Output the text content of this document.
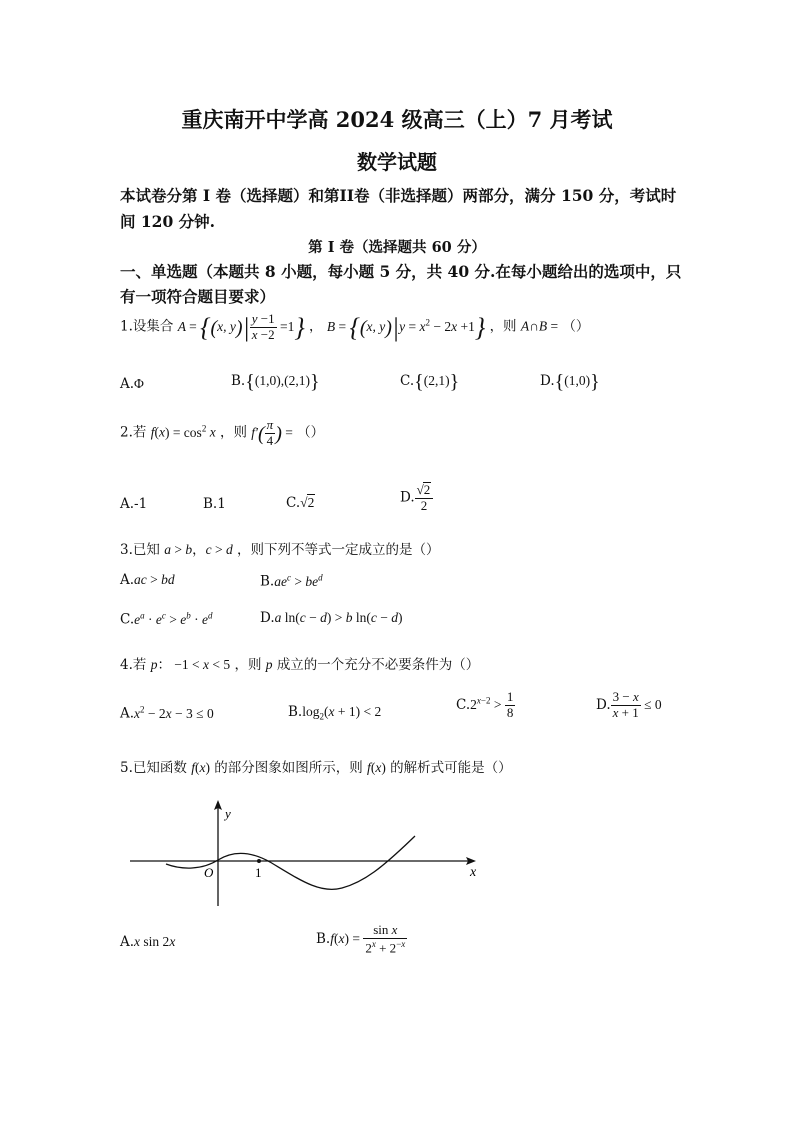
重庆南开中学高 2024 级高三（上）7 月考试
数学试题
本试卷分第 I 卷（选择题）和第II卷（非选择题）两部分，满分 150 分，考试时
间 120 分钟.
第 I 卷（选择题共 60 分）
一、单选题（本题共 8 小题，每小题 5 分，共 40 分.在每小题给出的选项中，只
有一项符合题目要求）
1.设集合 A = {(x, $y)| \frac{y -1}{x -2} =1$} ， B = {(x, $y)|y = x^2 - 2x +1$} ，则 A∩B = （）
A.Φ	B.{(1,0),(2,1)}	C.{(2,1)}	D.{(1,0)}
2.若 $f(x) = \cos^2 x$ ，则 $f'( \frac{\pi}{4}$ ) = （）
A.-1	B.1	C.√2	D. $\frac{√2}{2}$
3.已知 a > b，c > d ，则下列不等式一定成立的是（）
A.ac > bd	$B.ae^c > be^d$
$C.e^a \cdot e^c > e^b \cdot e^d$	D.a ln(c − d) > b ln(c − d)
4.若 p： −1 < x < 5 ，则 p 成立的一个充分不必要条件为（）
$A.x^2 - 2x - 3 \le 0$	$B.\log_2(x + 1) < 2$	$C.2^{x-2} > \frac{1}{8}$	D. $\frac{3 - x}{x + 1} \le 0$
5.已知函数 f(x) 的部分图象如图所示，则 f(x) 的解析式可能是（）
y
x
O	1
A.x sin 2x	$B.f(x) = \frac{\text{sin x}}{2^x + 2^{-x}}$
